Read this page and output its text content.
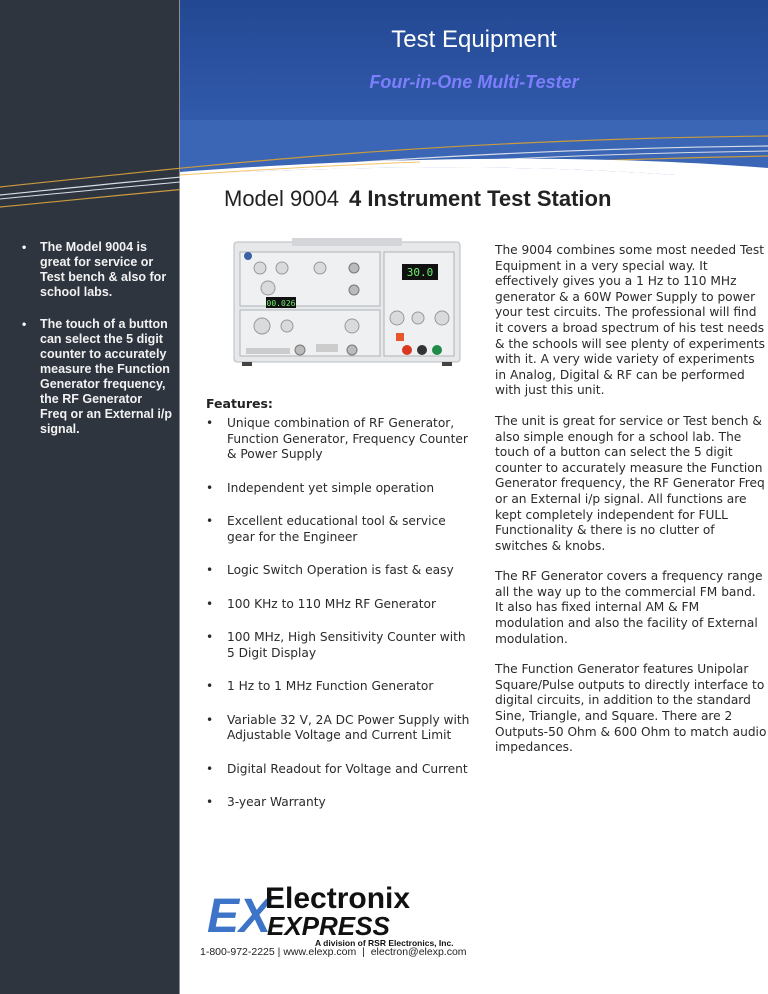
Test Equipment
Four-in-One Multi-Tester
Model 9004 4 Instrument Test Station
• The Model 9004 is great for service or Test bench & also for school labs.
• The touch of a button can select the 5 digit counter to accurately measure the Function Generator frequency, the RF Generator Freq or an External i/p signal.
30.0
00.026
Features:
• Unique combination of RF Generator, Function Generator, Frequency Counter & Power Supply
• Independent yet simple operation
• Excellent educational tool & service gear for the Engineer
• Logic Switch Operation is fast & easy
• 100 KHz to 110 MHz RF Generator
• 100 MHz, High Sensitivity Counter with 5 Digit Display
• 1 Hz to 1 MHz Function Generator
• Variable 32 V, 2A DC Power Supply with Adjustable Voltage and Current Limit
• Digital Readout for Voltage and Current
• 3-year Warranty

The 9004 combines some most needed Test Equipment in a very special way. It effectively gives you a 1 Hz to 110 MHz generator & a 60W Power Supply to power your test circuits. The professional will find it covers a broad spectrum of his test needs & the schools will see plenty of experiments with it. A very wide variety of experiments in Analog, Digital & RF can be performed with just this unit.

The unit is great for service or Test bench & also simple enough for a school lab. The touch of a button can select the 5 digit counter to accurately measure the Function Generator frequency, the RF Generator Freq or an External i/p signal. All functions are kept completely independent for FULL Functionality & there is no clutter of switches & knobs.

The RF Generator covers a frequency range all the way up to the commercial FM band. It also has fixed internal AM & FM modulation and also the facility of External modulation.

The Function Generator features Unipolar Square/Pulse outputs to directly interface to digital circuits, in addition to the standard Sine, Triangle, and Square. There are 2 Outputs-50 Ohm & 600 Ohm to match audio impedances.

EX
Electronix
EXPRESS
A division of RSR Electronics, Inc.
1-800-972-2225 | www.elexp.com | electron@elexp.com
